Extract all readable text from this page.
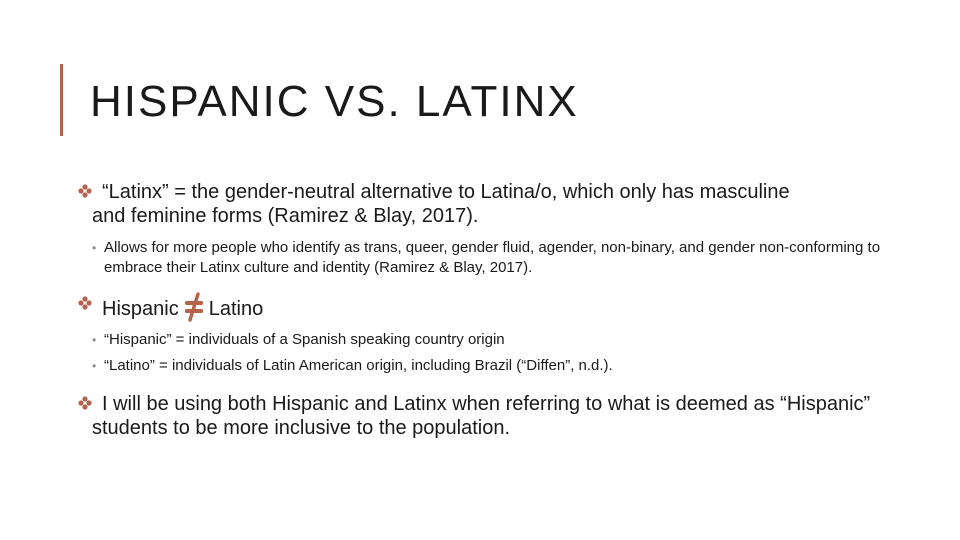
HISPANIC VS. LATINX

“Latinx” = the gender-neutral alternative to Latina/o, which only has masculine and feminine forms (Ramirez & Blay, 2017).

• Allows for more people who identify as trans, queer, gender fluid, agender, non-binary, and gender non-conforming to embrace their Latinx culture and identity (Ramirez & Blay, 2017).

Hispanic Latino

• “Hispanic” = individuals of a Spanish speaking country origin

• “Latino” = individuals of Latin American origin, including Brazil (“Diffen”, n.d.).

I will be using both Hispanic and Latinx when referring to what is deemed as “Hispanic” students to be more inclusive to the population.
